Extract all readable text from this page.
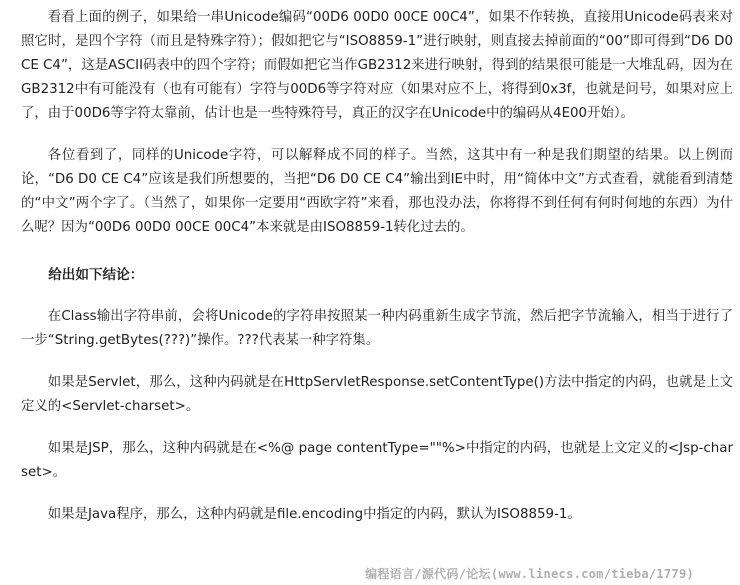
看看上面的例子，如果给一串Unicode编码“00D6 00D0 00CE 00C4”，如果不作转换，直接用Unicode码表来对照它时，是四个字符（而且是特殊字符）；假如把它与“ISO8859-1”进行映射，则直接去掉前面的“00”即可得到“D6 D0 CE C4”，这是ASCII码表中的四个字符；而假如把它当作GB2312来进行映射，得到的结果很可能是一大堆乱码，因为在GB2312中有可能没有（也有可能有）字符与00D6等字符对应（如果对应不上，将得到0x3f，也就是问号，如果对应上了，由于00D6等字符太靠前，估计也是一些特殊符号，真正的汉字在Unicode中的编码从4E00开始）。

各位看到了，同样的Unicode字符，可以解释成不同的样子。当然，这其中有一种是我们期望的结果。以上例而论，“D6 D0 CE C4”应该是我们所想要的，当把“D6 D0 CE C4”输出到IE中时，用“简体中文”方式查看，就能看到清楚的“中文”两个字了。（当然了，如果你一定要用“西欧字符”来看，那也没办法，你将得不到任何有何时何地的东西）为什么呢？因为“00D6 00D0 00CE 00C4”本来就是由ISO8859-1转化过去的。

给出如下结论：

在Class输出字符串前，会将Unicode的字符串按照某一种内码重新生成字节流，然后把字节流输入，相当于进行了一步“String.getBytes(???)”操作。???代表某一种字符集。

如果是Servlet，那么，这种内码就是在HttpServletResponse.setContentType()方法中指定的内码，也就是上文定义的<Servlet-charset>。

如果是JSP，那么，这种内码就是在<%@ page contentType=""%>中指定的内码，也就是上文定义的<Jsp-charset>。

如果是Java程序，那么，这种内码就是file.encoding中指定的内码，默认为ISO8859-1。

编程语言/源代码/论坛(www.linecs.com/tieba/1779)
